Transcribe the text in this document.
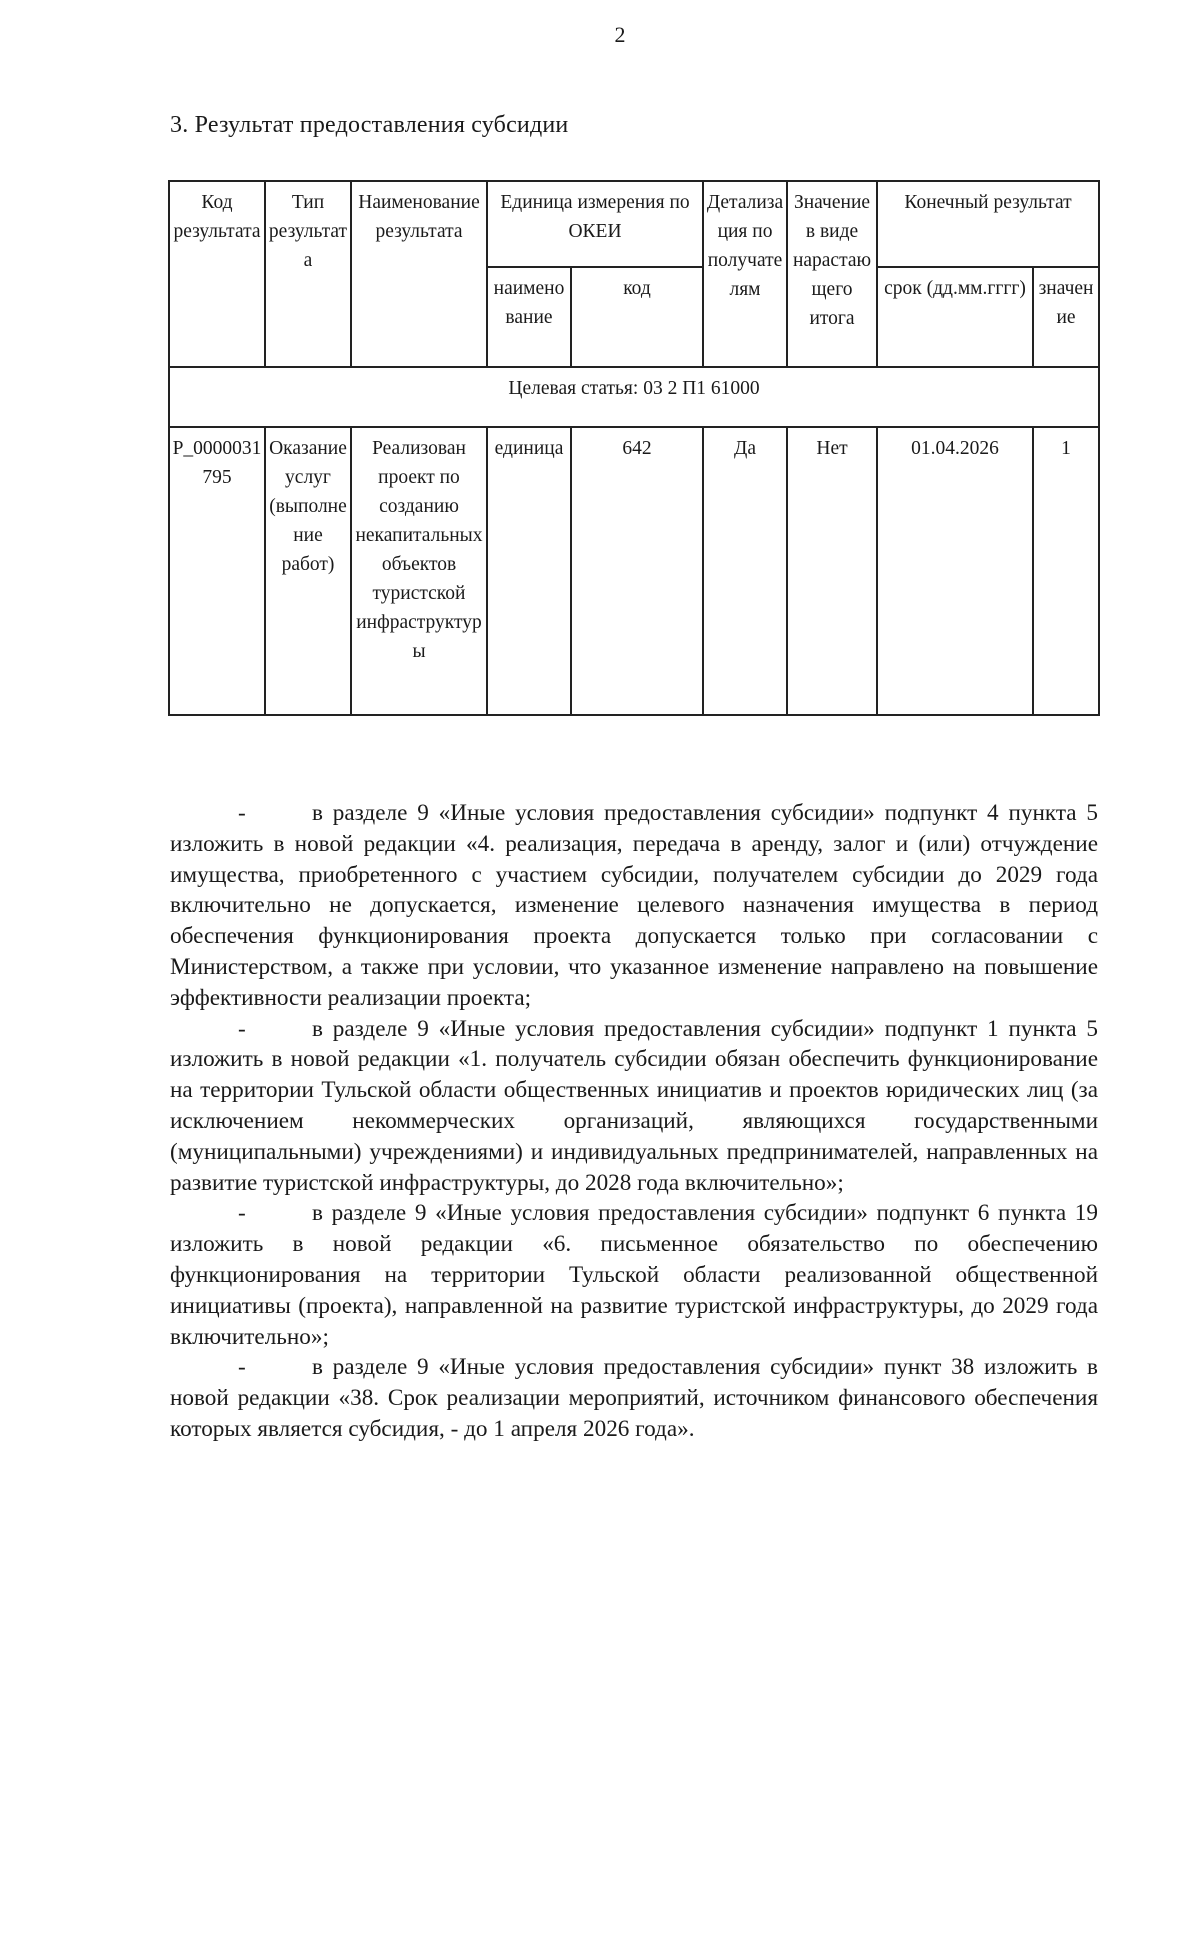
2
3. Результат предоставления субсидии
Код результата	Тип результата	Наименование результата	Единица измерения по ОКЕИ		Детализация по получателям	Значение в виде нарастающего итога	Конечный результат	
			наименование	код			срок (дд.мм.гггг)	значение
Целевая статья: 03 2 П1 61000								
P_0000031795	Оказание услуг (выполнение работ)	Реализован проект по созданию некапитальных объектов туристской инфраструктуры	единица	642	Да	Нет	01.04.2026	1

-	в разделе 9 «Иные условия предоставления субсидии» подпункт 4 пункта 5 изложить в новой редакции «4. реализация, передача в аренду, залог и (или) отчуждение имущества, приобретенного с участием субсидии, получателем субсидии до 2029 года включительно не допускается, изменение целевого назначения имущества в период обеспечения функционирования проекта допускается только при согласовании с Министерством, а также при условии, что указанное изменение направлено на повышение эффективности реализации проекта;

-	в разделе 9 «Иные условия предоставления субсидии» подпункт 1 пункта 5 изложить в новой редакции «1. получатель субсидии обязан обеспечить функционирование на территории Тульской области общественных инициатив и проектов юридических лиц (за исключением некоммерческих организаций, являющихся государственными (муниципальными) учреждениями) и индивидуальных предпринимателей, направленных на развитие туристской инфраструктуры, до 2028 года включительно»;

-	в разделе 9 «Иные условия предоставления субсидии» подпункт 6 пункта 19 изложить в новой редакции «6. письменное обязательство по обеспечению функционирования на территории Тульской области реализованной общественной инициативы (проекта), направленной на развитие туристской инфраструктуры, до 2029 года включительно»;

-	в разделе 9 «Иные условия предоставления субсидии» пункт 38 изложить в новой редакции «38. Срок реализации мероприятий, источником финансового обеспечения которых является субсидия, - до 1 апреля 2026 года».
